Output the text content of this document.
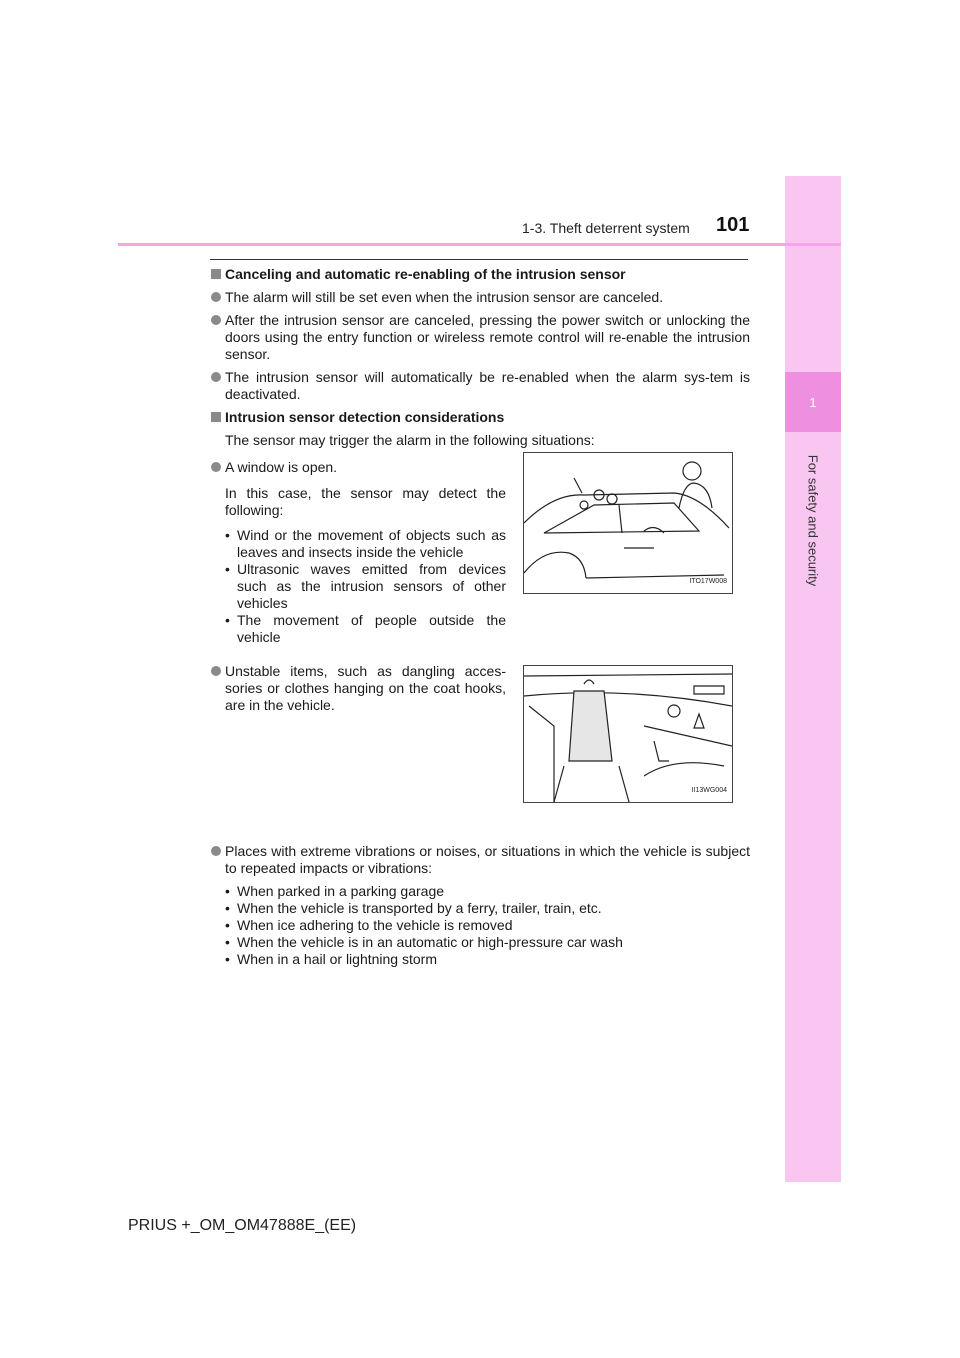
1
For safety and security
1-3. Theft deterrent system 101

Canceling and automatic re-enabling of the intrusion sensor

The alarm will still be set even when the intrusion sensor are canceled.

After the intrusion sensor are canceled, pressing the power switch or unlocking the doors using the entry function or wireless remote control will re-enable the intrusion sensor.

The intrusion sensor will automatically be re-enabled when the alarm sys-tem is deactivated.

Intrusion sensor detection considerations

The sensor may trigger the alarm in the following situations:

A window is open.

In this case, the sensor may detect the following:

• Wind or the movement of objects such as leaves and insects inside the vehicle

• Ultrasonic waves emitted from devices such as the intrusion sensors of other vehicles

• The movement of people outside the vehicle

ITO17W008

Unstable items, such as dangling acces-sories or clothes hanging on the coat hooks, are in the vehicle.

II13WG004

Places with extreme vibrations or noises, or situations in which the vehicle is subject to repeated impacts or vibrations:

• When parked in a parking garage

• When the vehicle is transported by a ferry, trailer, train, etc.

• When ice adhering to the vehicle is removed

• When the vehicle is in an automatic or high-pressure car wash

• When in a hail or lightning storm

PRIUS +_OM_OM47888E_(EE)
